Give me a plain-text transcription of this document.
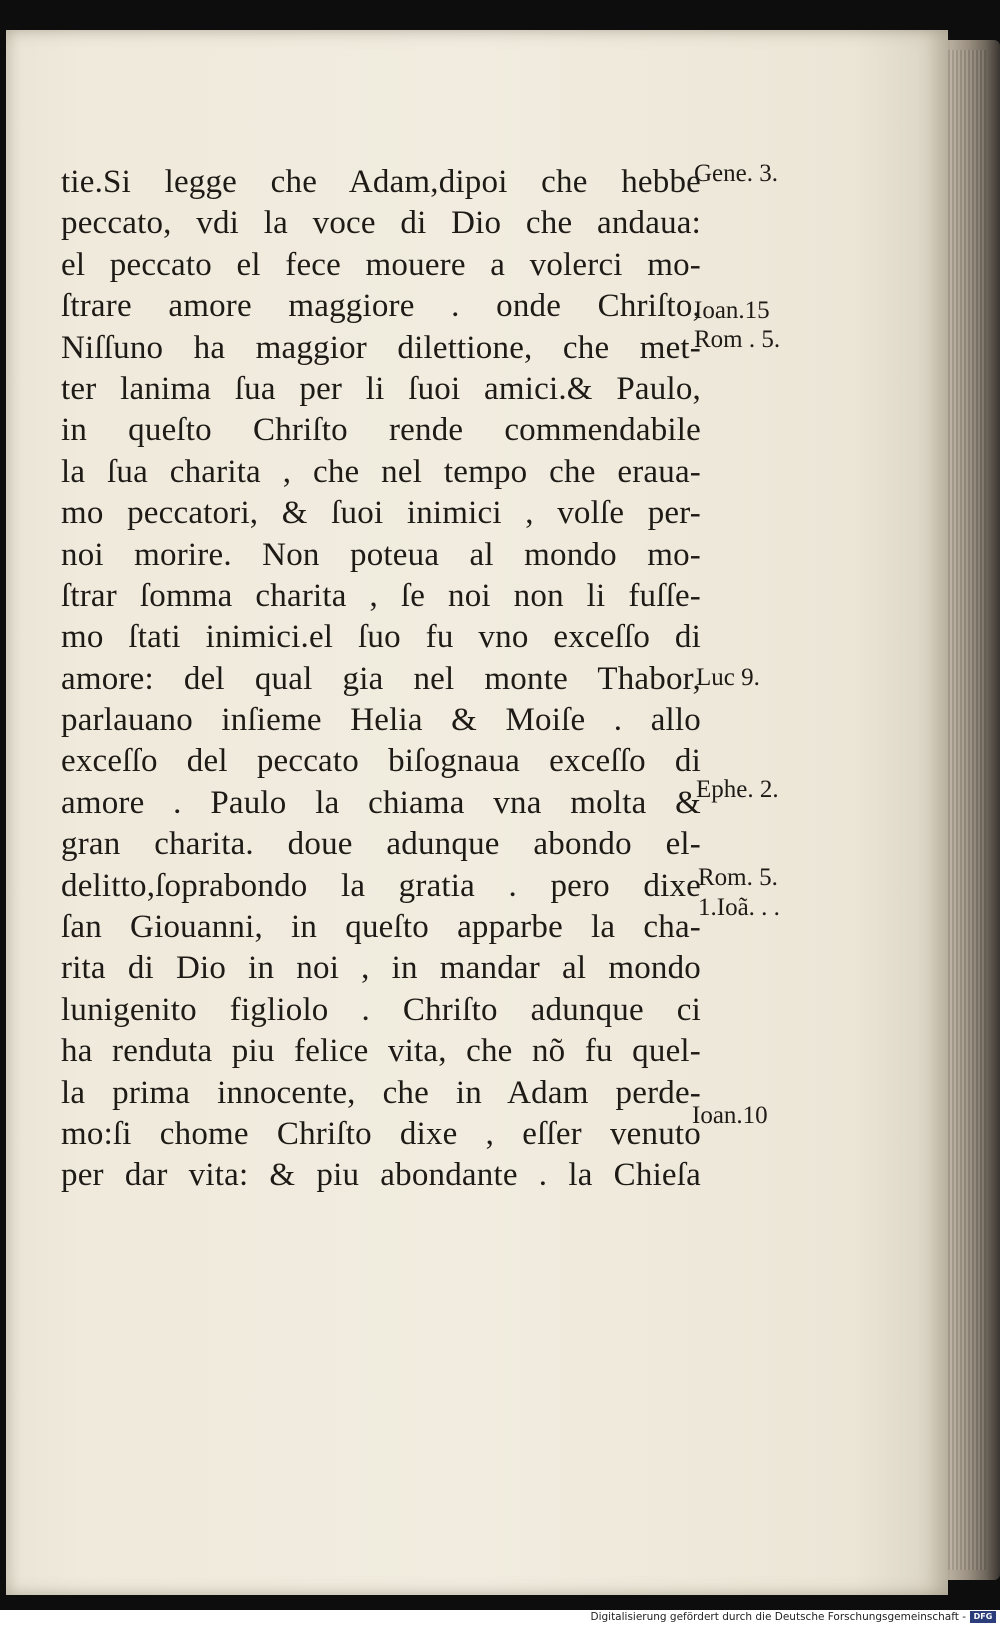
tie.Si legge che Adam,dipoi che hebbe
peccato, vdi la voce di Dio che andaua:
el peccato el fece mouere a volerci mo-
ſtrare amore maggiore . onde Chriſto,
Niſſuno ha maggior dilettione, che met-
ter lanima ſua per li ſuoi amici.& Paulo,
in queſto Chriſto rende commendabile
la ſua charita , che nel tempo che eraua-
mo peccatori, & ſuoi inimici , volſe per-
noi morire. Non poteua al mondo mo-
ſtrar ſomma charita , ſe noi non li fuſſe-
mo ſtati inimici.el ſuo fu vno exceſſo di
amore: del qual gia nel monte Thabor,
parlauano inſieme Helia & Moiſe . allo
exceſſo del peccato biſognaua exceſſo di
amore . Paulo la chiama vna molta &
gran charita. doue adunque abondo el-
delitto,ſoprabondo la gratia . pero dixe
ſan Giouanni, in queſto apparbe la cha-
rita di Dio in noi , in mandar al mondo
lunigenito figliolo . Chriſto adunque ci
ha renduta piu felice vita, che nõ fu quel-
la prima innocente, che in Adam perde-
mo:ſi chome Chriſto dixe , eſſer venuto
per dar vita: & piu abondante . la Chieſa
Gene. 3.
Ioan.15
Rom . 5.
Luc 9.
Ephe. 2.
Rom. 5.
1.Ioã. . .
Ioan.10
Digitalisierung gefördert durch die Deutsche Forschungsgemeinschaft - DFG
